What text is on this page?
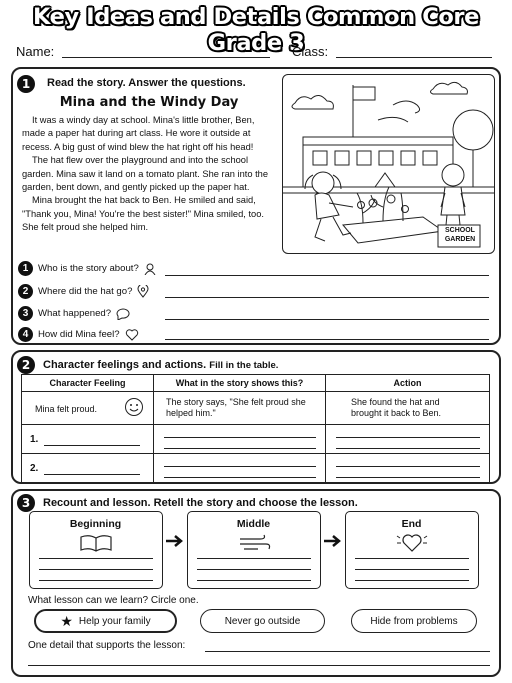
Key Ideas and Details Common Core Grade 3
Name:	Class:
1	Read the story. Answer the questions.
Mina and the Windy Day

It was a windy day at school. Mina's little brother, Ben, made a paper hat during art class. He wore it outside at recess. A big gust of wind blew the hat right off his head!

The hat flew over the playground and into the school garden. Mina saw it land on a tomato plant. She ran into the garden, bent down, and gently picked up the paper hat.

Mina brought the hat back to Ben. He smiled and said, "Thank you, Mina! You're the best sister!" Mina smiled, too. She felt proud she helped him.	SCHOOL
GARDEN
1	Who is the story about?
2	Where did the hat go?
3	What happened?
4	How did Mina feel?
2	Character feelings and actions. Fill in the table.
Character Feeling	What in the story shows this?	Action

Mina felt proud.	The story says, "She felt proud she helped him."	She found the hat and brought it back to Ben.

1.		

2.		

3	Recount and lesson. Retell the story and choose the lesson.
Beginning	Middle	End
What lesson can we learn? Circle one.
★ Help your family	Never go outside	Hide from problems
One detail that supports the lesson:
